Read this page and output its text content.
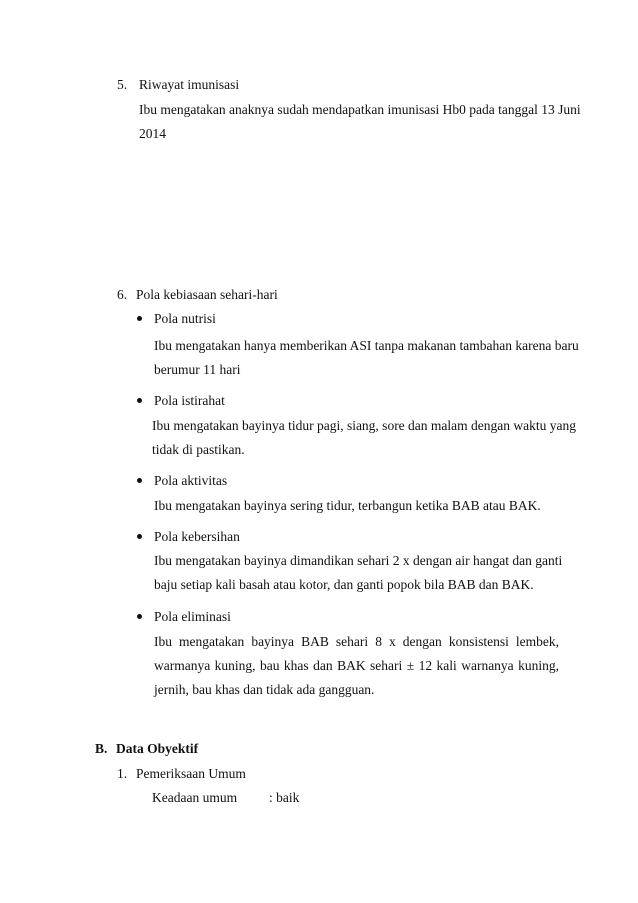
5. Riwayat imunisasi
Ibu mengatakan anaknya sudah mendapatkan imunisasi Hb0 pada tanggal 13 Juni
2014
6. Pola kebiasaan sehari-hari
Pola nutrisi
Ibu mengatakan hanya memberikan ASI tanpa makanan tambahan karena baru
berumur 11 hari
Pola istirahat
Ibu mengatakan bayinya tidur pagi, siang, sore dan malam dengan waktu yang
tidak di pastikan.
Pola aktivitas
Ibu mengatakan bayinya sering tidur, terbangun ketika BAB atau BAK.
Pola kebersihan
Ibu mengatakan bayinya dimandikan sehari 2 x dengan air hangat dan ganti
baju setiap kali basah atau kotor, dan ganti popok bila BAB dan BAK.
Pola eliminasi
Ibu mengatakan bayinya BAB sehari 8 x dengan konsistensi lembek,
warmanya kuning, bau khas dan BAK sehari ± 12 kali warnanya kuning,
jernih, bau khas dan tidak ada gangguan.
B. Data Obyektif
1. Pemeriksaan Umum
Keadaan umum : baik
